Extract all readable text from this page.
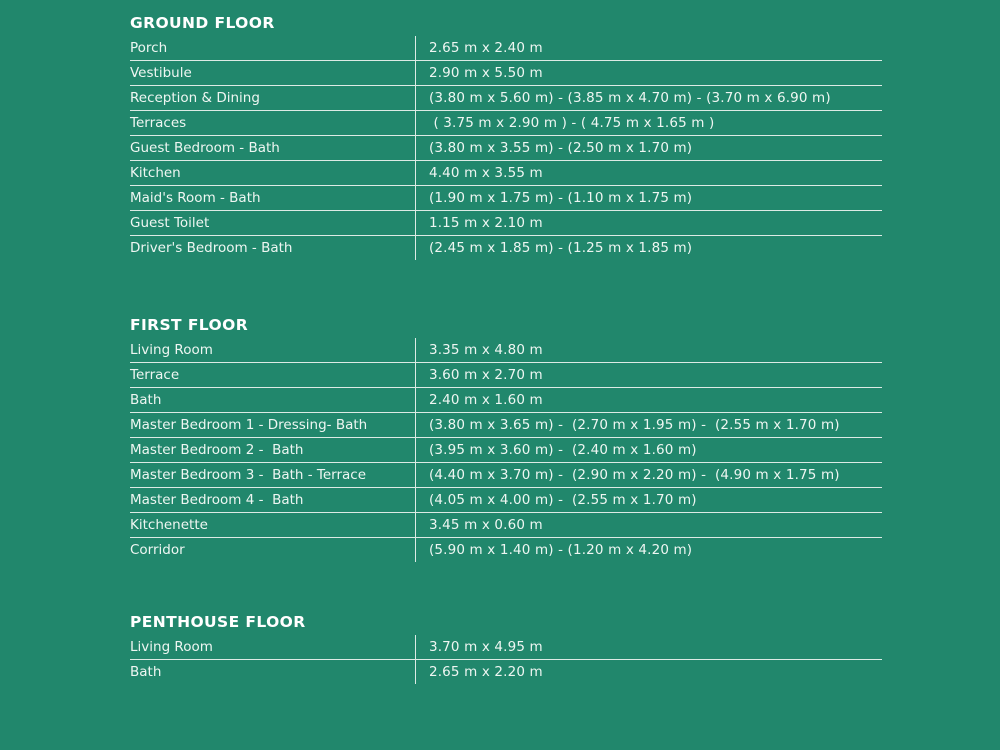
GROUND FLOOR
Porch	2.65 m x 2.40 m
Vestibule	2.90 m x 5.50 m
Reception & Dining	(3.80 m x 5.60 m) - (3.85 m x 4.70 m) - (3.70 m x 6.90 m)
Terraces	( 3.75 m x 2.90 m ) - ( 4.75 m x 1.65 m )
Guest Bedroom - Bath	(3.80 m x 3.55 m) - (2.50 m x 1.70 m)
Kitchen	4.40 m x 3.55 m
Maid's Room - Bath	(1.90 m x 1.75 m) - (1.10 m x 1.75 m)
Guest Toilet	1.15 m x 2.10 m
Driver's Bedroom - Bath	(2.45 m x 1.85 m) - (1.25 m x 1.85 m)
FIRST FLOOR
Living Room	3.35 m x 4.80 m
Terrace	3.60 m x 2.70 m
Bath	2.40 m x 1.60 m
Master Bedroom 1 - Dressing- Bath	(3.80 m x 3.65 m) -  (2.70 m x 1.95 m) -  (2.55 m x 1.70 m)
Master Bedroom 2 -  Bath	(3.95 m x 3.60 m) -  (2.40 m x 1.60 m)
Master Bedroom 3 -  Bath - Terrace	(4.40 m x 3.70 m) -  (2.90 m x 2.20 m) -  (4.90 m x 1.75 m)
Master Bedroom 4 -  Bath	(4.05 m x 4.00 m) -  (2.55 m x 1.70 m)
Kitchenette	3.45 m x 0.60 m
Corridor	(5.90 m x 1.40 m) - (1.20 m x 4.20 m)
PENTHOUSE FLOOR
Living Room	3.70 m x 4.95 m
Bath	2.65 m x 2.20 m
